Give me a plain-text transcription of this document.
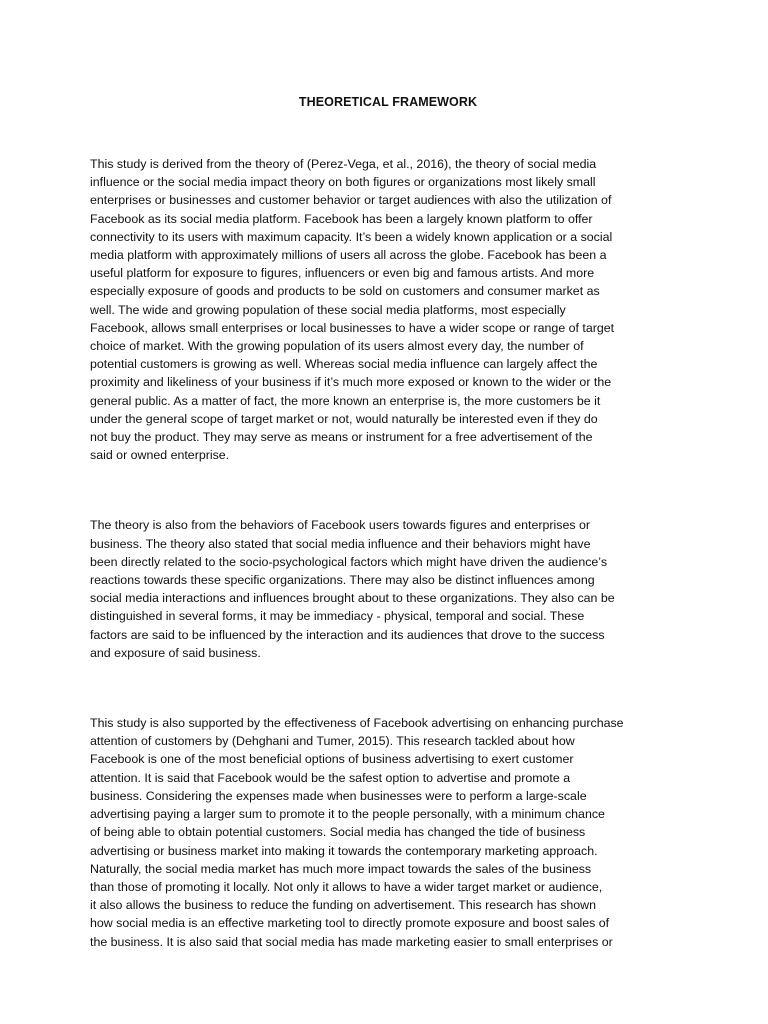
THEORETICAL FRAMEWORK

This study is derived from the theory of (Perez-Vega, et al., 2016), the theory of social media
influence or the social media impact theory on both figures or organizations most likely small
enterprises or businesses and customer behavior or target audiences with also the utilization of
Facebook as its social media platform. Facebook has been a largely known platform to offer
connectivity to its users with maximum capacity. It’s been a widely known application or a social
media platform with approximately millions of users all across the globe. Facebook has been a
useful platform for exposure to figures, influencers or even big and famous artists. And more
especially exposure of goods and products to be sold on customers and consumer market as
well. The wide and growing population of these social media platforms, most especially
Facebook, allows small enterprises or local businesses to have a wider scope or range of target
choice of market. With the growing population of its users almost every day, the number of
potential customers is growing as well. Whereas social media influence can largely affect the
proximity and likeliness of your business if it’s much more exposed or known to the wider or the
general public. As a matter of fact, the more known an enterprise is, the more customers be it
under the general scope of target market or not, would naturally be interested even if they do
not buy the product. They may serve as means or instrument for a free advertisement of the
said or owned enterprise.

The theory is also from the behaviors of Facebook users towards figures and enterprises or
business. The theory also stated that social media influence and their behaviors might have
been directly related to the socio-psychological factors which might have driven the audience’s
reactions towards these specific organizations. There may also be distinct influences among
social media interactions and influences brought about to these organizations. They also can be
distinguished in several forms, it may be immediacy - physical, temporal and social. These
factors are said to be influenced by the interaction and its audiences that drove to the success
and exposure of said business.

This study is also supported by the effectiveness of Facebook advertising on enhancing purchase
attention of customers by (Dehghani and Tumer, 2015). This research tackled about how
Facebook is one of the most beneficial options of business advertising to exert customer
attention. It is said that Facebook would be the safest option to advertise and promote a
business. Considering the expenses made when businesses were to perform a large-scale
advertising paying a larger sum to promote it to the people personally, with a minimum chance
of being able to obtain potential customers. Social media has changed the tide of business
advertising or business market into making it towards the contemporary marketing approach.
Naturally, the social media market has much more impact towards the sales of the business
than those of promoting it locally. Not only it allows to have a wider target market or audience,
it also allows the business to reduce the funding on advertisement. This research has shown
how social media is an effective marketing tool to directly promote exposure and boost sales of
the business. It is also said that social media has made marketing easier to small enterprises or
